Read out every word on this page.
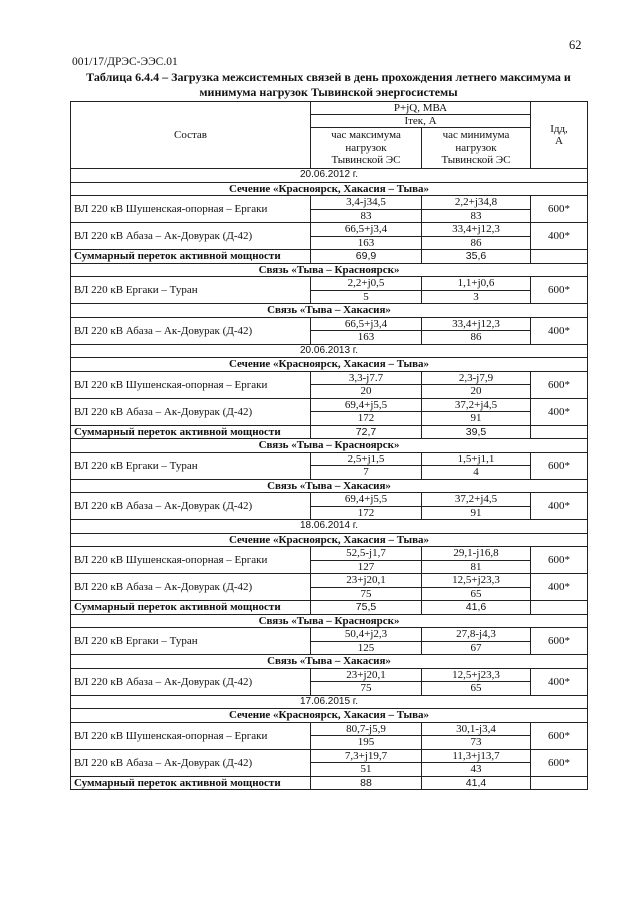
62
001/17/ДРЭС-ЭЭС.01
Таблица 6.4.4 – Загрузка межсистемных связей в день прохождения летнего максимума и
минимума нагрузок Тывинской энергосистемы
Состав	P+jQ, МВА		Iдд,
А

	Iтек, А		

	час максимума
нагрузок
Тывинской ЭС	час минимума
нагрузок
Тывинской ЭС	

20.06.2012 г.			
Сечение «Красноярск, Хакасия – Тыва»			
ВЛ 220 кВ Шушенская-опорная – Ергаки	3,4-j34,5	2,2+j34,8	600*
	83	83	
ВЛ 220 кВ Абаза – Ак-Довурак (Д-42)	66,5+j3,4	33,4+j12,3	400*
	163	86	
Суммарный переток активной мощности	69,9	35,6	
Связь «Тыва – Красноярск»			
ВЛ 220 кВ Ергаки – Туран	2,2+j0,5	1,1+j0,6	600*
	5	3	
Связь «Тыва – Хакасия»			
ВЛ 220 кВ Абаза – Ак-Довурак (Д-42)	66,5+j3,4	33,4+j12,3	400*
	163	86	
20.06.2013 г.			
Сечение «Красноярск, Хакасия – Тыва»			
ВЛ 220 кВ Шушенская-опорная – Ергаки	3,3-j7.7	2,3-j7,9	600*
	20	20	
ВЛ 220 кВ Абаза – Ак-Довурак (Д-42)	69,4+j5,5	37,2+j4,5	400*
	172	91	
Суммарный переток активной мощности	72,7	39,5	
Связь «Тыва – Красноярск»			
ВЛ 220 кВ Ергаки – Туран	2,5+j1,5	1,5+j1,1	600*
	7	4	
Связь «Тыва – Хакасия»			
ВЛ 220 кВ Абаза – Ак-Довурак (Д-42)	69,4+j5,5	37,2+j4,5	400*
	172	91	
18.06.2014 г.			
Сечение «Красноярск, Хакасия – Тыва»			
ВЛ 220 кВ Шушенская-опорная – Ергаки	52,5-j1,7	29,1-j16,8	600*
	127	81	
ВЛ 220 кВ Абаза – Ак-Довурак (Д-42)	23+j20,1	12,5+j23,3	400*
	75	65	
Суммарный переток активной мощности	75,5	41,6	
Связь «Тыва – Красноярск»			
ВЛ 220 кВ Ергаки – Туран	50,4+j2,3	27,8-j4,3	600*
	125	67	
Связь «Тыва – Хакасия»			
ВЛ 220 кВ Абаза – Ак-Довурак (Д-42)	23+j20,1	12,5+j23,3	400*
	75	65	
17.06.2015 г.			
Сечение «Красноярск, Хакасия – Тыва»			
ВЛ 220 кВ Шушенская-опорная – Ергаки	80,7-j5,9	30,1-j3,4	600*
	195	73	
ВЛ 220 кВ Абаза – Ак-Довурак (Д-42)	7,3+j19,7	11,3+j13,7	600*
	51	43	
Суммарный переток активной мощности	88	41,4	
